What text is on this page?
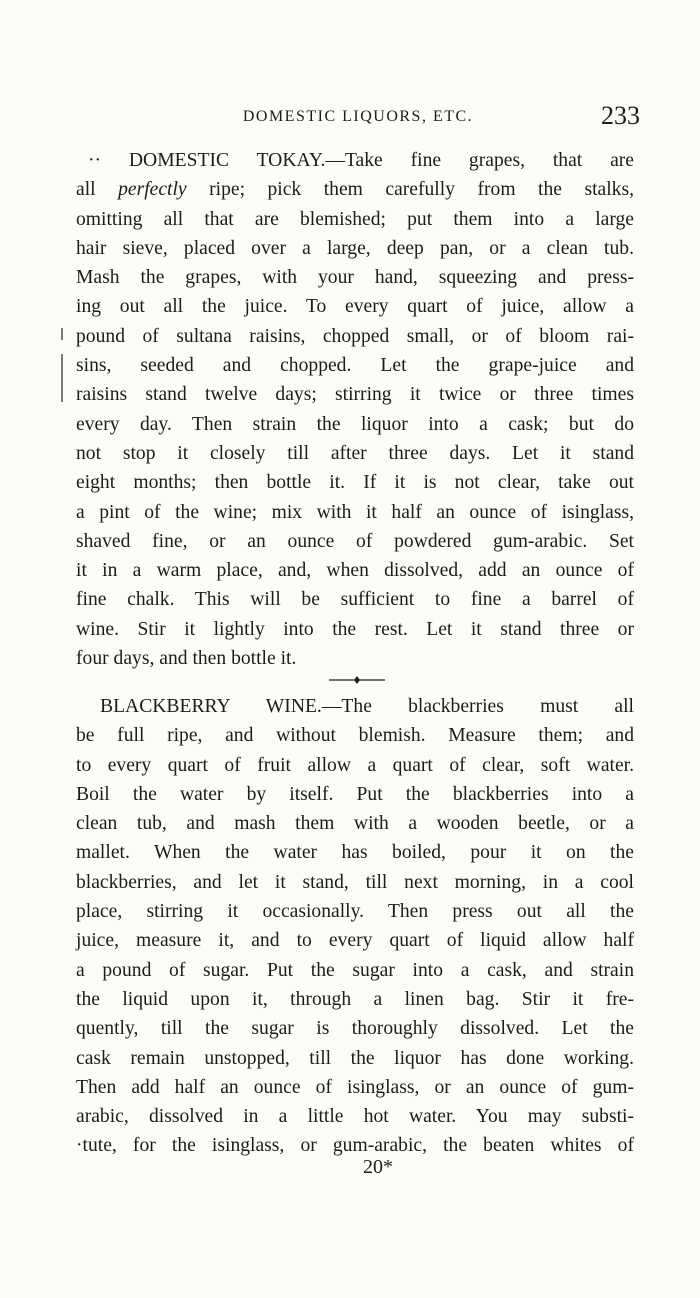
DOMESTIC LIQUORS, ETC.	233
·· DOMESTIC TOKAY.—Take fine grapes, that are
all perfectly ripe; pick them carefully from the stalks,
omitting all that are blemished; put them into a large
hair sieve, placed over a large, deep pan, or a clean tub.
Mash the grapes, with your hand, squeezing and press-
ing out all the juice. To every quart of juice, allow a
pound of sultana raisins, chopped small, or of bloom rai-
sins, seeded and chopped. Let the grape-juice and
raisins stand twelve days; stirring it twice or three times
every day. Then strain the liquor into a cask; but do
not stop it closely till after three days. Let it stand
eight months; then bottle it. If it is not clear, take out
a pint of the wine; mix with it half an ounce of isinglass,
shaved fine, or an ounce of powdered gum-arabic. Set
it in a warm place, and, when dissolved, add an ounce of
fine chalk. This will be sufficient to fine a barrel of
wine. Stir it lightly into the rest. Let it stand three or
four days, and then bottle it.
BLACKBERRY WINE.—The blackberries must all
be full ripe, and without blemish. Measure them; and
to every quart of fruit allow a quart of clear, soft water.
Boil the water by itself. Put the blackberries into a
clean tub, and mash them with a wooden beetle, or a
mallet. When the water has boiled, pour it on the
blackberries, and let it stand, till next morning, in a cool
place, stirring it occasionally. Then press out all the
juice, measure it, and to every quart of liquid allow half
a pound of sugar. Put the sugar into a cask, and strain
the liquid upon it, through a linen bag. Stir it fre-
quently, till the sugar is thoroughly dissolved. Let the
cask remain unstopped, till the liquor has done working.
Then add half an ounce of isinglass, or an ounce of gum-
arabic, dissolved in a little hot water. You may substi-
·tute, for the isinglass, or gum-arabic, the beaten whites of
20*
